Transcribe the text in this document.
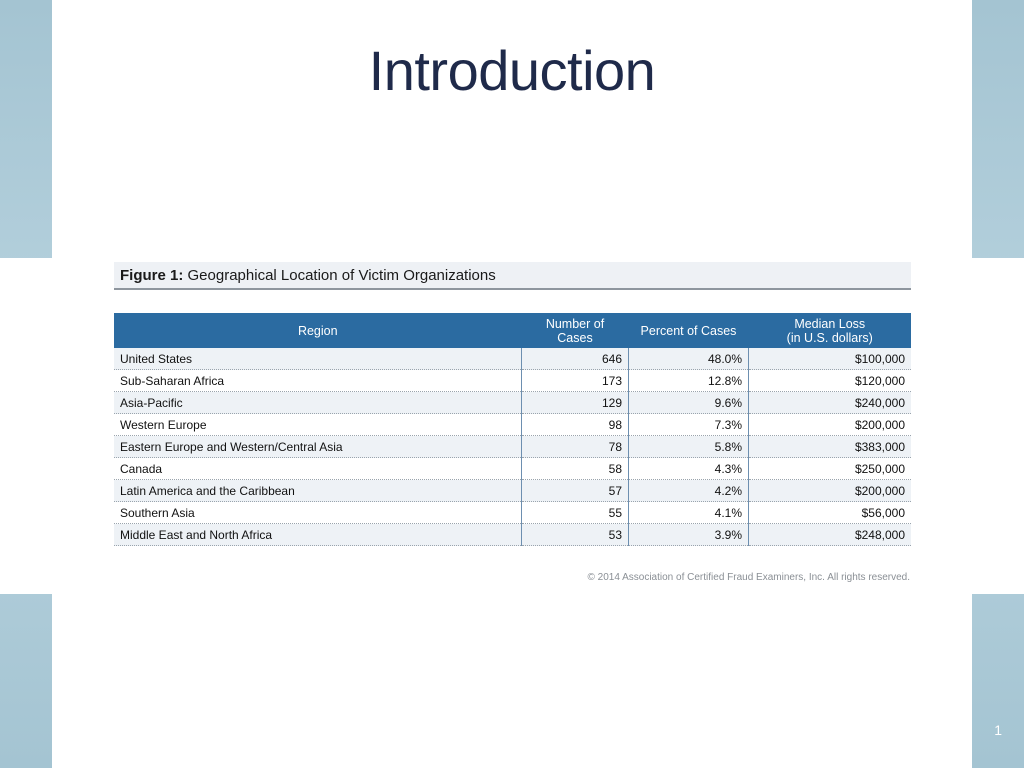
Introduction
Figure 1: Geographical Location of Victim Organizations
Region	Number of Cases	Percent of Cases	Median Loss
(in U.S. dollars)
United States	646	48.0%	$100,000
Sub-Saharan Africa	173	12.8%	$120,000
Asia-Pacific	129	9.6%	$240,000
Western Europe	98	7.3%	$200,000
Eastern Europe and Western/Central Asia	78	5.8%	$383,000
Canada	58	4.3%	$250,000
Latin America and the Caribbean	57	4.2%	$200,000
Southern Asia	55	4.1%	$56,000
Middle East and North Africa	53	3.9%	$248,000
© 2014 Association of Certified Fraud Examiners, Inc. All rights reserved.
1
